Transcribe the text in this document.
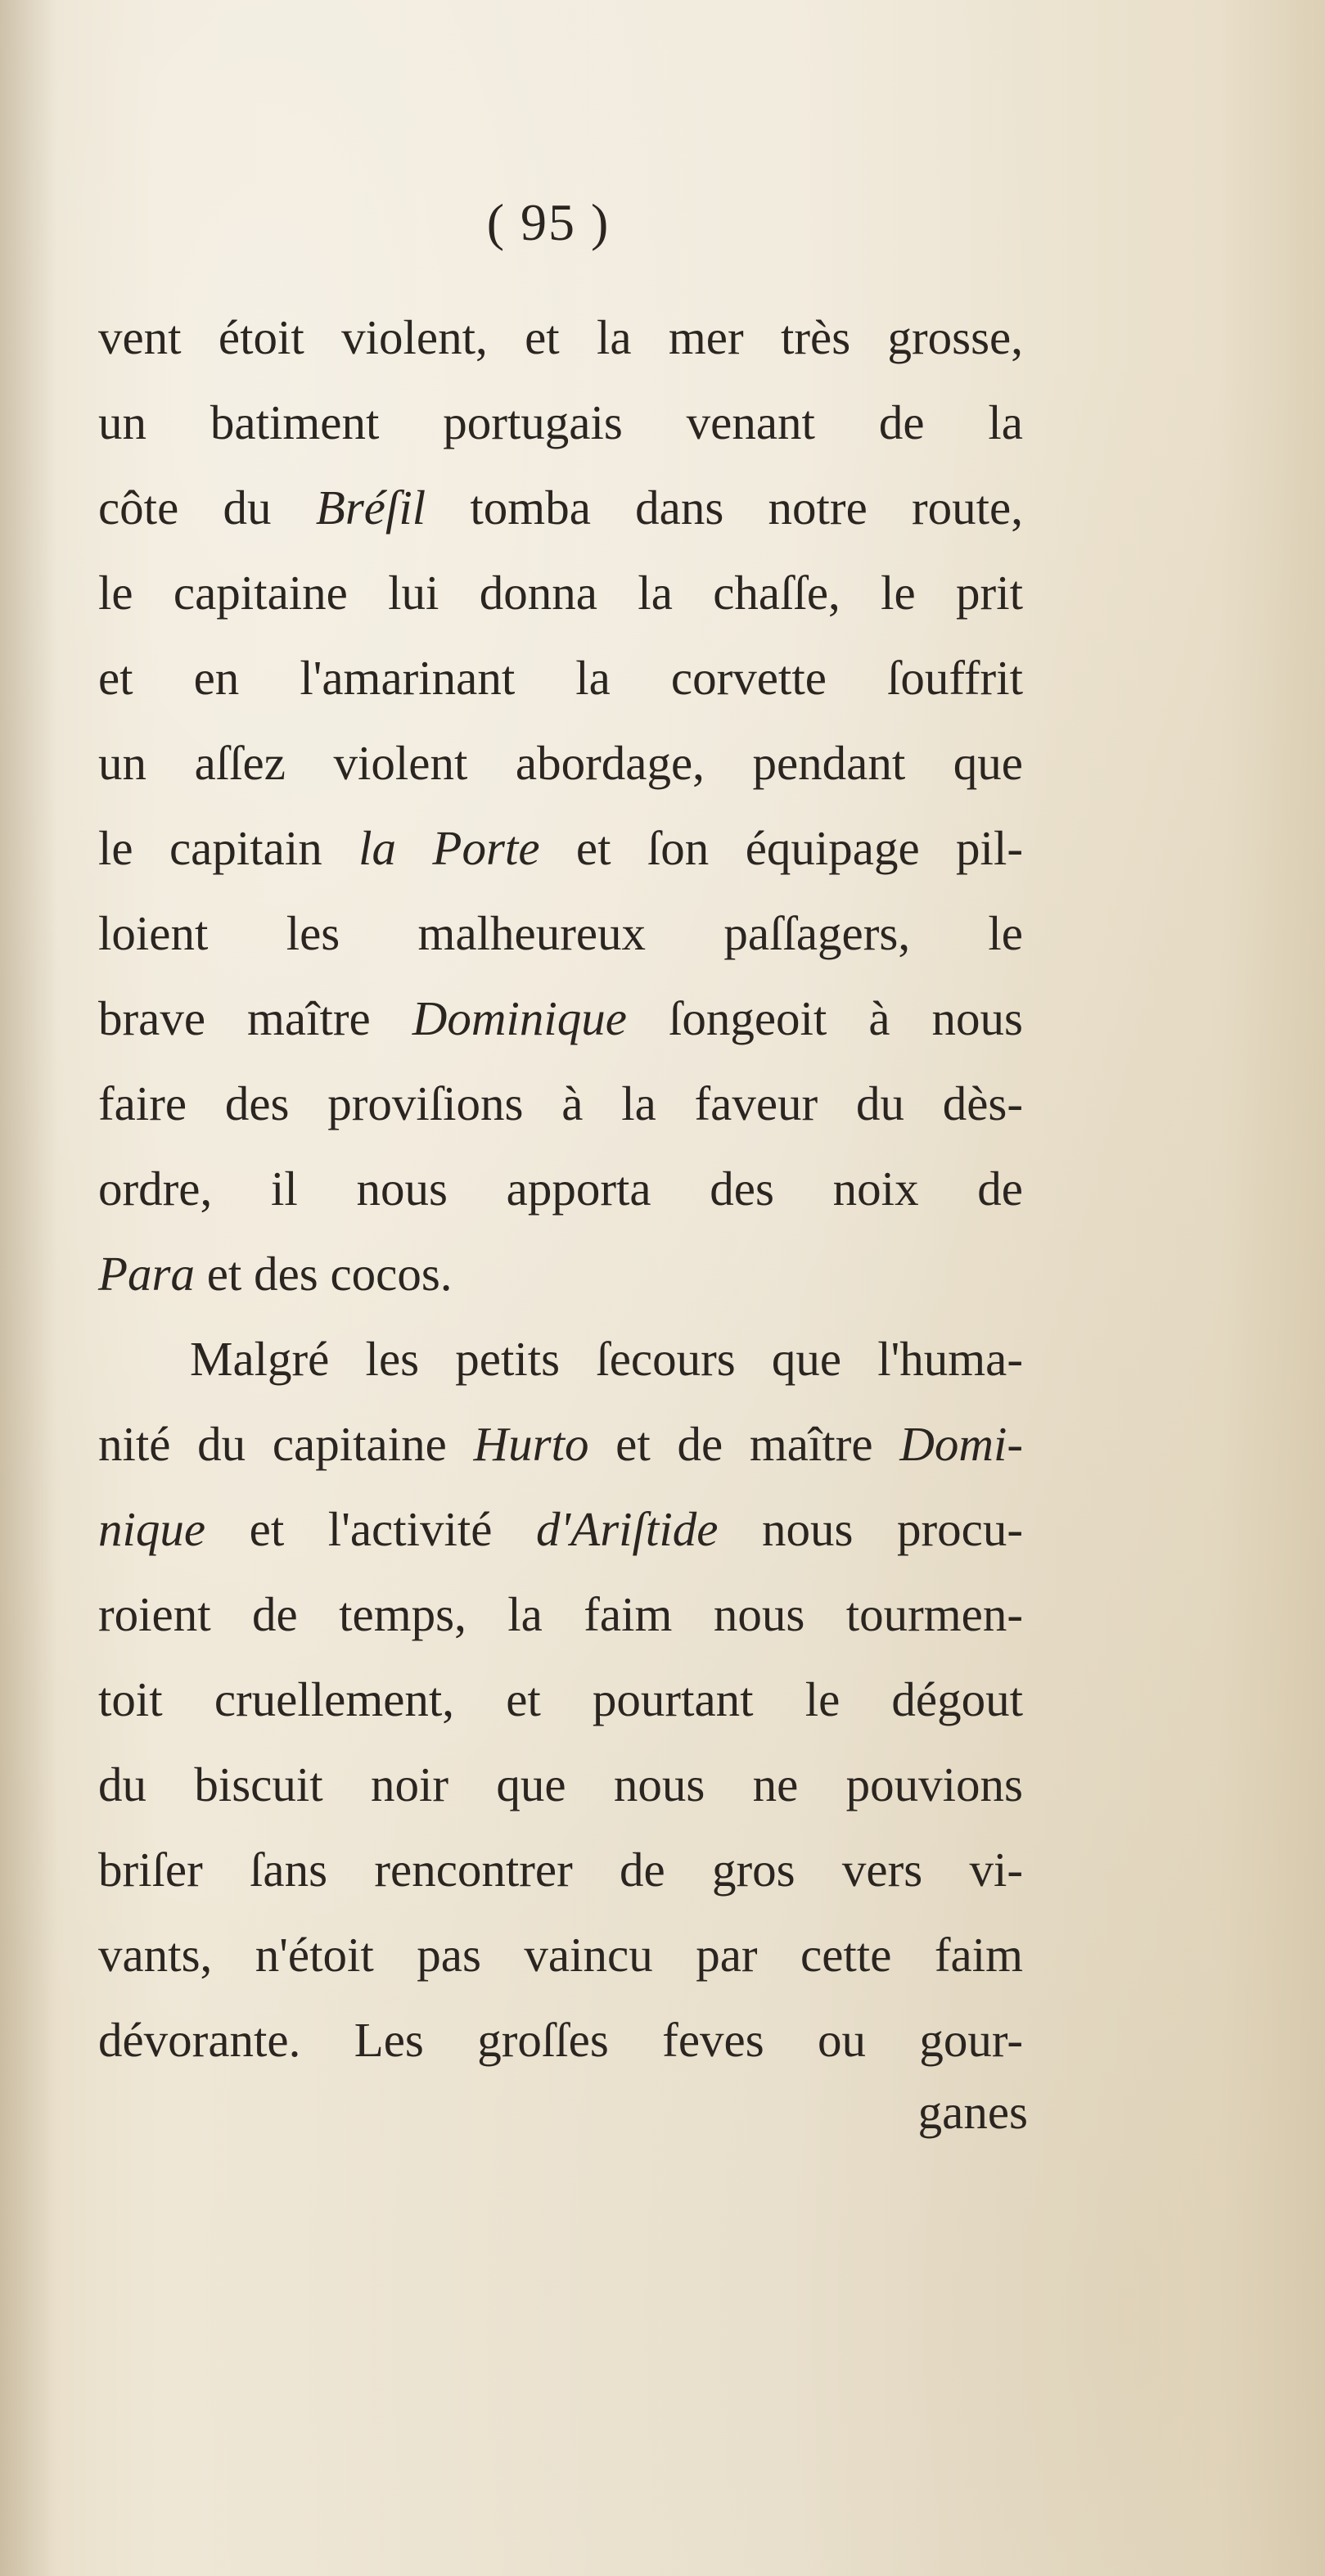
( 95 )
vent étoit violent, et la mer très grosse,
un batiment portugais venant de la
côte du Bréſil tomba dans notre route,
le capitaine lui donna la chaſſe, le prit
et en l'amarinant la corvette ſouffrit
un aſſez violent abordage, pendant que
le capitain la Porte et ſon équipage pil-
loient les malheureux paſſagers, le
brave maître Dominique ſongeoit à nous
faire des proviſions à la faveur du dès-
ordre, il nous apporta des noix de
Para et des cocos.
Malgré les petits ſecours que l'huma-
nité du capitaine Hurto et de maître Domi-
nique et l'activité d'Ariſtide nous procu-
roient de temps, la faim nous tourmen-
toit cruellement, et pourtant le dégout
du biscuit noir que nous ne pouvions
briſer ſans rencontrer de gros vers vi-
vants, n'étoit pas vaincu par cette faim
dévorante. Les groſſes feves ou gour-
ganes
